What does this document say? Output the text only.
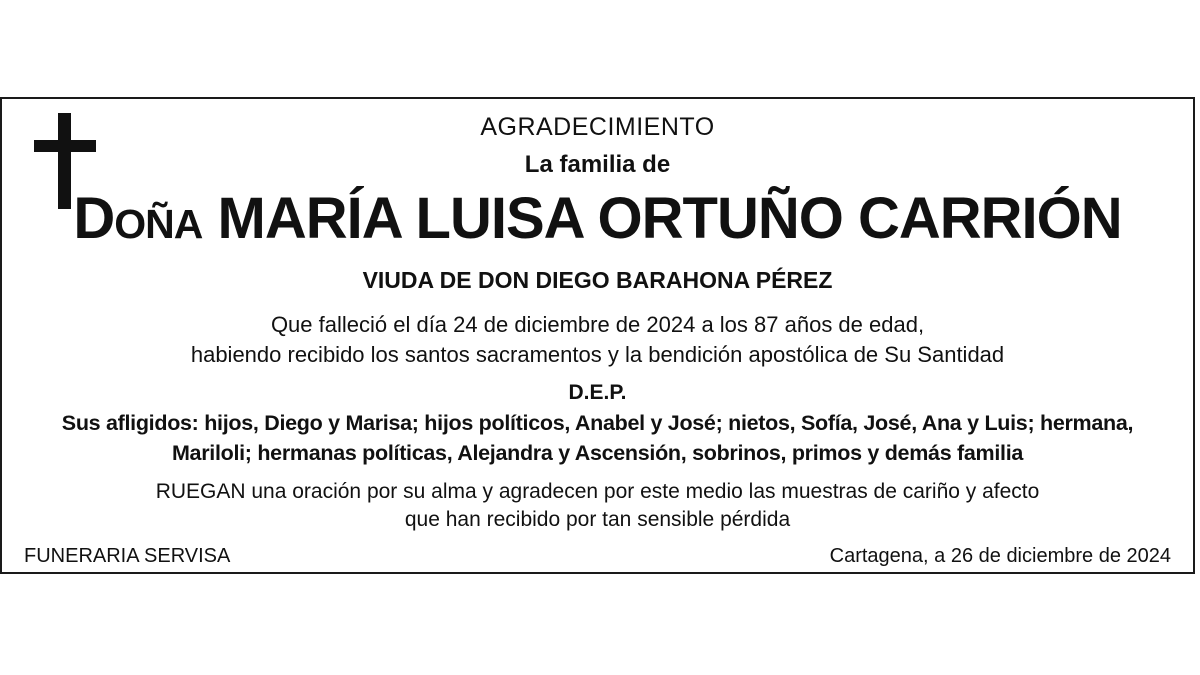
AGRADECIMIENTO
La familia de
Doña MARÍA LUISA ORTUÑO CARRIÓN
VIUDA DE DON DIEGO BARAHONA PÉREZ
Que falleció el día 24 de diciembre de 2024 a los 87 años de edad,
habiendo recibido los santos sacramentos y la bendición apostólica de Su Santidad
D.E.P.
Sus afligidos: hijos, Diego y Marisa; hijos políticos, Anabel y José; nietos, Sofía, José, Ana y Luis; hermana,
Mariloli; hermanas políticas, Alejandra y Ascensión, sobrinos, primos y demás familia
RUEGAN una oración por su alma y agradecen por este medio las muestras de cariño y afecto
que han recibido por tan sensible pérdida
FUNERARIA SERVISA	Cartagena, a 26 de diciembre de 2024
